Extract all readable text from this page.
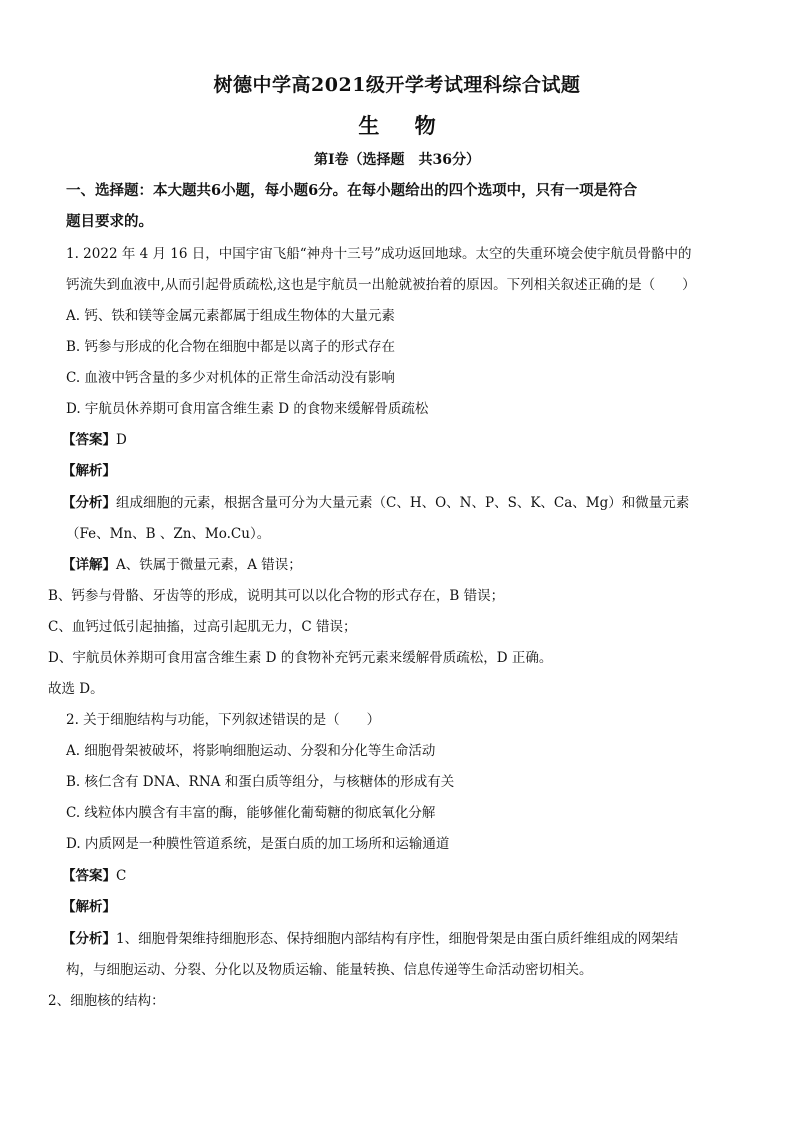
树德中学高2021级开学考试理科综合试题
生 物
第I卷（选择题　共36分）
一、选择题：本大题共6小题，每小题6分。在每小题给出的四个选项中，只有一项是符合
题目要求的。
1. 2022 年 4 月 16 日，中国宇宙飞船“神舟十三号”成功返回地球。太空的失重环境会使宇航员骨骼中的
钙流失到血液中,从而引起骨质疏松,这也是宇航员一出舱就被抬着的原因。下列相关叙述正确的是（　　）
A. 钙、铁和镁等金属元素都属于组成生物体的大量元素
B. 钙参与形成的化合物在细胞中都是以离子的形式存在
C. 血液中钙含量的多少对机体的正常生命活动没有影响
D. 宇航员休养期可食用富含维生素 D 的食物来缓解骨质疏松
【答案】D
【解析】
【分析】组成细胞的元素，根据含量可分为大量元素（C、H、O、N、P、S、K、Ca、Mg）和微量元素
（Fe、Mn、B 、Zn、Mo.Cu）。
【详解】A、铁属于微量元素，A 错误；
B、钙参与骨骼、牙齿等的形成，说明其可以以化合物的形式存在，B 错误；
C、血钙过低引起抽搐，过高引起肌无力，C 错误；
D、宇航员休养期可食用富含维生素 D 的食物补充钙元素来缓解骨质疏松，D 正确。
故选 D。
2. 关于细胞结构与功能，下列叙述错误的是（　　）
A. 细胞骨架被破坏，将影响细胞运动、分裂和分化等生命活动
B. 核仁含有 DNA、RNA 和蛋白质等组分，与核糖体的形成有关
C. 线粒体内膜含有丰富的酶，能够催化葡萄糖的彻底氧化分解
D. 内质网是一种膜性管道系统，是蛋白质的加工场所和运输通道
【答案】C
【解析】
【分析】1、细胞骨架维持细胞形态、保持细胞内部结构有序性，细胞骨架是由蛋白质纤维组成的网架结
构，与细胞运动、分裂、分化以及物质运输、能量转换、信息传递等生命活动密切相关。
2、细胞核的结构：
